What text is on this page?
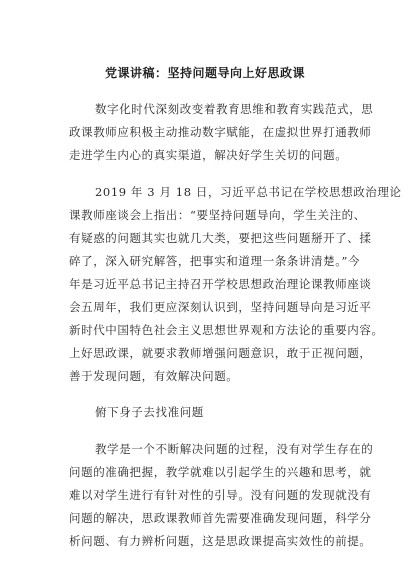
党课讲稿：坚持问题导向上好思政课
数字化时代深刻改变着教育思维和教育实践范式，思
政课教师应积极主动推动数字赋能，在虚拟世界打通教师
走进学生内心的真实渠道，解决好学生关切的问题。
2019 年 3 月 18 日，习近平总书记在学校思想政治理论
课教师座谈会上指出：“要坚持问题导向，学生关注的、
有疑惑的问题其实也就几大类，要把这些问题掰开了、揉
碎了，深入研究解答，把事实和道理一条条讲清楚。”今
年是习近平总书记主持召开学校思想政治理论课教师座谈
会五周年，我们更应深刻认识到，坚持问题导向是习近平
新时代中国特色社会主义思想世界观和方法论的重要内容。
上好思政课，就要求教师增强问题意识，敢于正视问题，
善于发现问题，有效解决问题。
俯下身子去找准问题
教学是一个不断解决问题的过程，没有对学生存在的
问题的准确把握，教学就难以引起学生的兴趣和思考，就
难以对学生进行有针对性的引导。没有问题的发现就没有
问题的解决，思政课教师首先需要准确发现问题，科学分
析问题、有力辨析问题，这是思政课提高实效性的前提。
